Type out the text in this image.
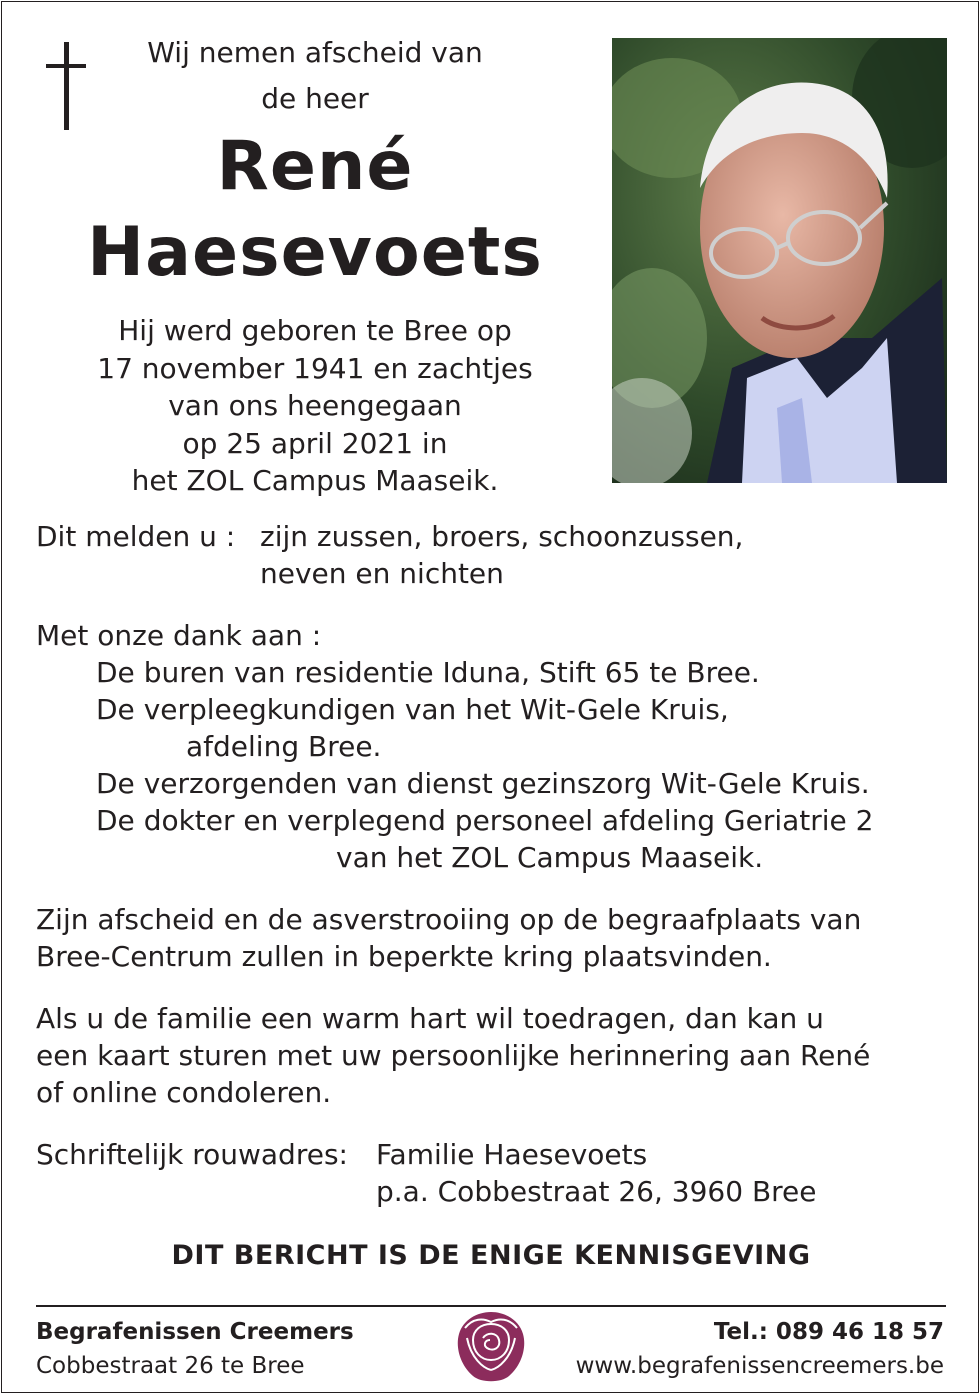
Wij nemen afscheid van
de heer
René
Haesevoets
Hij werd geboren te Bree op
17 november 1941 en zachtjes
van ons heengegaan
op 25 april 2021 in
het ZOL Campus Maaseik.
Dit melden u : zijn zussen, broers, schoonzussen,
neven en nichten
Met onze dank aan :
De buren van residentie Iduna, Stift 65 te Bree.
De verpleegkundigen van het Wit-Gele Kruis,
afdeling Bree.
De verzorgenden van dienst gezinszorg Wit-Gele Kruis.
De dokter en verplegend personeel afdeling Geriatrie 2
van het ZOL Campus Maaseik.
Zijn afscheid en de asverstrooiing op de begraafplaats van
Bree-Centrum zullen in beperkte kring plaatsvinden.
Als u de familie een warm hart wil toedragen, dan kan u
een kaart sturen met uw persoonlijke herinnering aan René
of online condoleren.
Schriftelijk rouwadres:	Familie Haesevoets
p.a. Cobbestraat 26, 3960 Bree
DIT BERICHT IS DE ENIGE KENNISGEVING
Begrafenissen Creemers
Cobbestraat 26 te Bree
Tel.: 089 46 18 57
www.begrafenissencreemers.be
